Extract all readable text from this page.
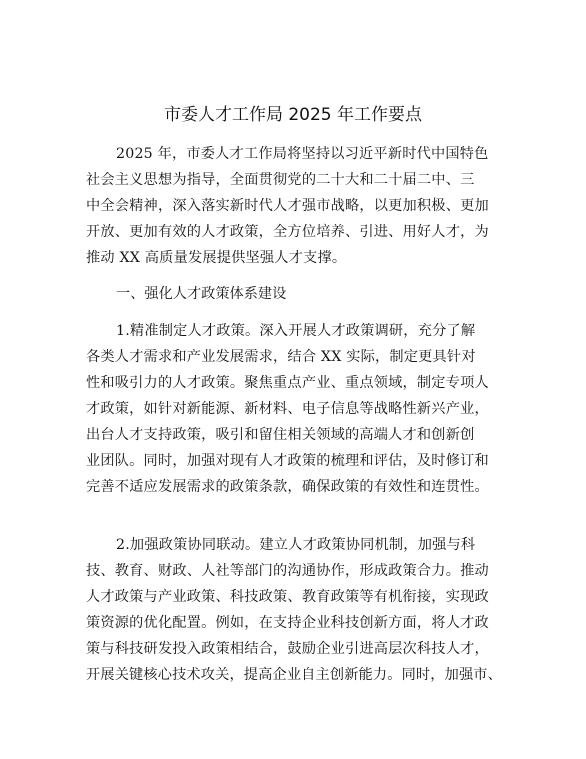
市委人才工作局 2025 年工作要点
2025 年，市委人才工作局将坚持以习近平新时代中国特色
社会主义思想为指导，全面贯彻党的二十大和二十届二中、三
中全会精神，深入落实新时代人才强市战略，以更加积极、更加
开放、更加有效的人才政策，全方位培养、引进、用好人才，为
推动 XX 高质量发展提供坚强人才支撑。
一、强化人才政策体系建设
1.精准制定人才政策。深入开展人才政策调研，充分了解
各类人才需求和产业发展需求，结合 XX 实际，制定更具针对
性和吸引力的人才政策。聚焦重点产业、重点领域，制定专项人
才政策，如针对新能源、新材料、电子信息等战略性新兴产业，
出台人才支持政策，吸引和留住相关领域的高端人才和创新创
业团队。同时，加强对现有人才政策的梳理和评估，及时修订和
完善不适应发展需求的政策条款，确保政策的有效性和连贯性。
2.加强政策协同联动。建立人才政策协同机制，加强与科
技、教育、财政、人社等部门的沟通协作，形成政策合力。推动
人才政策与产业政策、科技政策、教育政策等有机衔接，实现政
策资源的优化配置。例如，在支持企业科技创新方面，将人才政
策与科技研发投入政策相结合，鼓励企业引进高层次科技人才，
开展关键核心技术攻关，提高企业自主创新能力。同时，加强市、
